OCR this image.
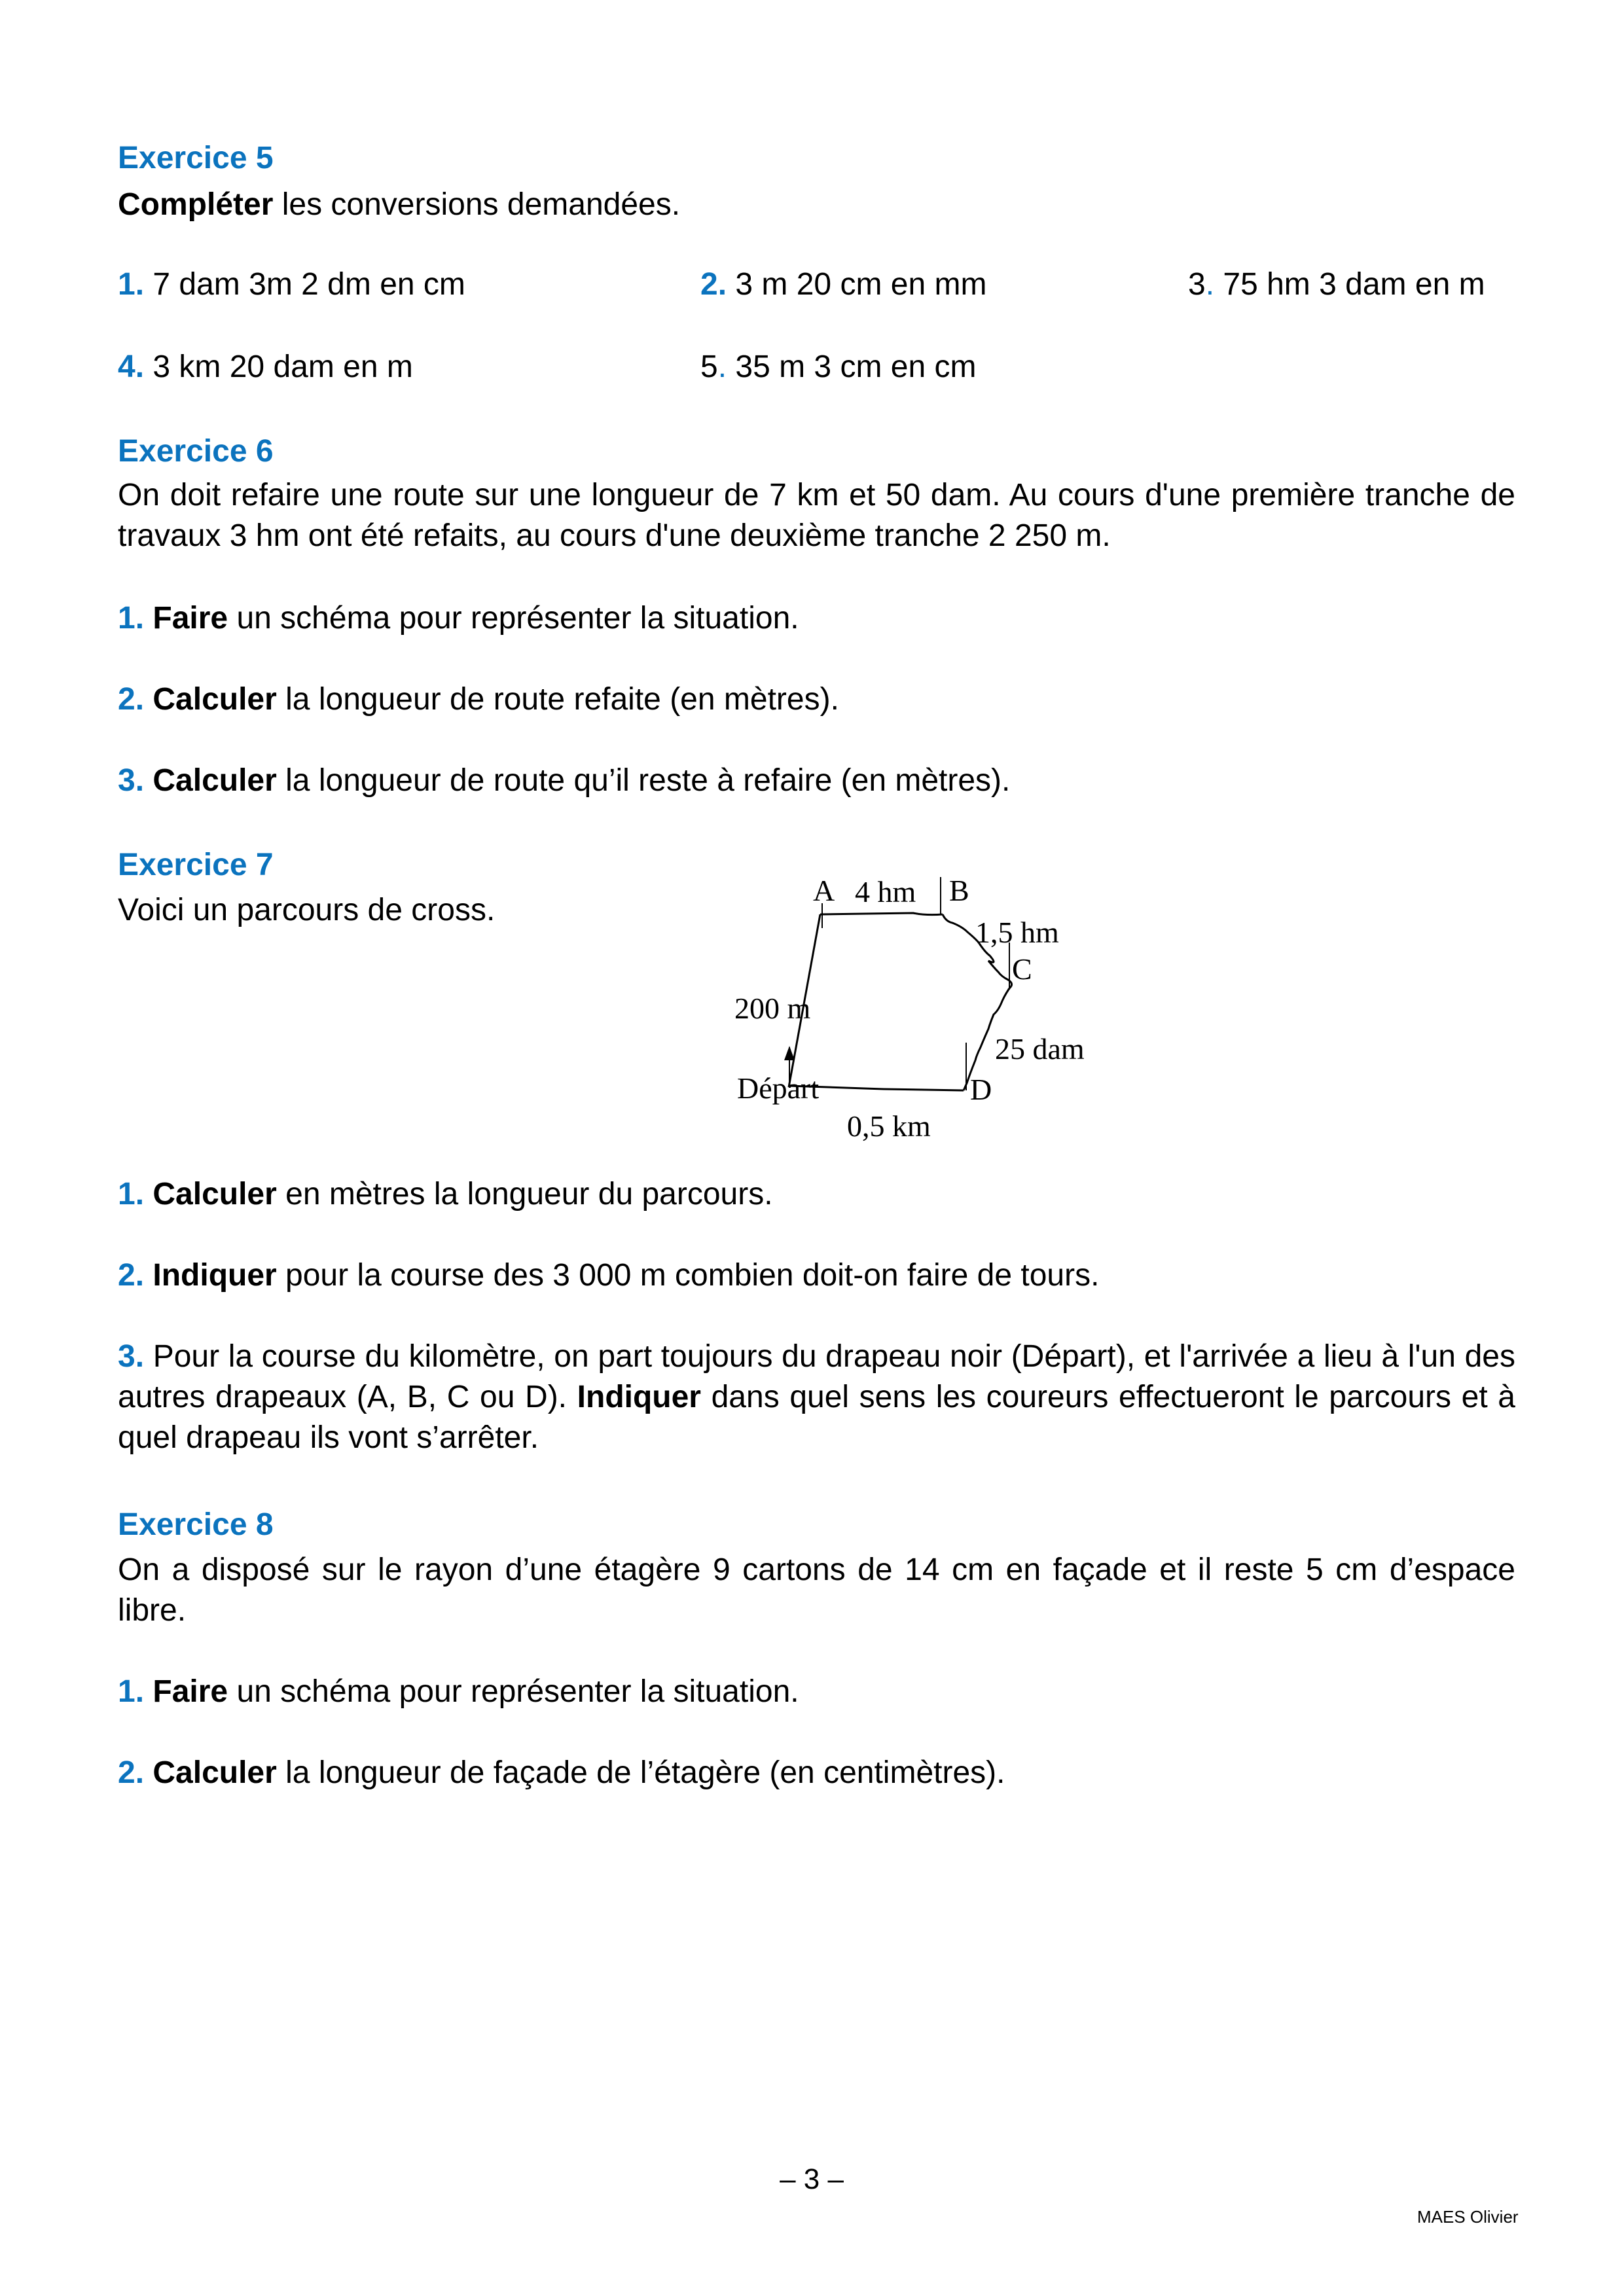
Exercice 5
Compléter les conversions demandées.
1. 7 dam 3m 2 dm en cm	2. 3 m 20 cm en mm	3. 75 hm 3 dam en m
4. 3 km 20 dam en m	5. 35 m 3 cm en cm
Exercice 6
On doit refaire une route sur une longueur de 7 km et 50 dam. Au cours d'une première tranche de travaux 3 hm ont été refaits, au cours d'une deuxième tranche 2 250 m.
1. Faire un schéma pour représenter la situation.
2. Calculer la longueur de route refaite (en mètres).
3. Calculer la longueur de route qu’il reste à refaire (en mètres).
Exercice 7
Voici un parcours de cross.
A	B
C
D
Départ
4 hm
1,5 hm
25 dam
0,5 km
200 m
1. Calculer en mètres la longueur du parcours.
2. Indiquer pour la course des 3 000 m combien doit-on faire de tours.
3. Pour la course du kilomètre, on part toujours du drapeau noir (Départ), et l'arrivée a lieu à l'un des autres drapeaux (A, B, C ou D). Indiquer dans quel sens les coureurs effectueront le parcours et à quel drapeau ils vont s’arrêter.
Exercice 8
On a disposé sur le rayon d’une étagère 9 cartons de 14 cm en façade et il reste 5 cm d’espace libre.
1. Faire un schéma pour représenter la situation.
2. Calculer la longueur de façade de l’étagère (en centimètres).
– 3 –
MAES Olivier
